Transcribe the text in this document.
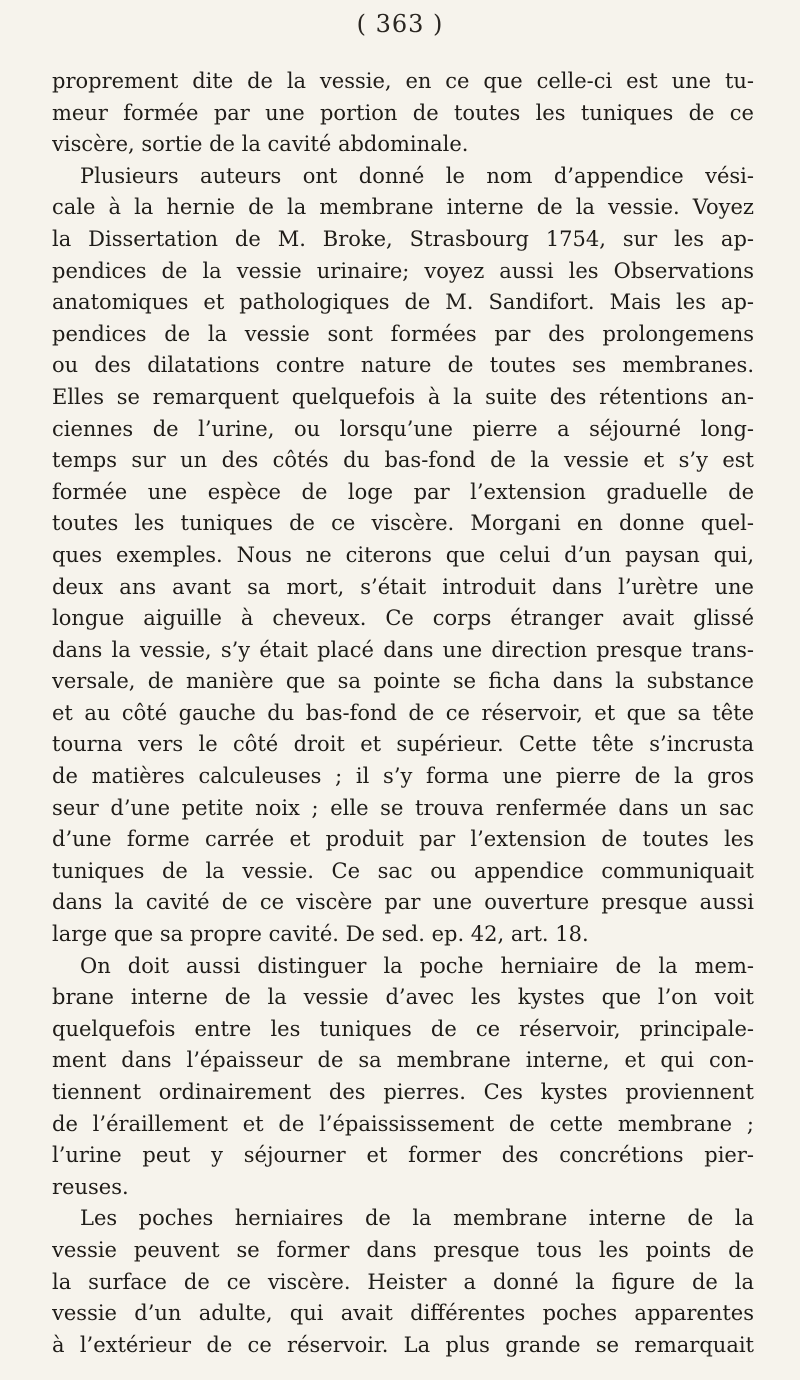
( 363 )
proprement dite de la vessie, en ce que celle-ci est une tu-
meur formée par une portion de toutes les tuniques de ce
viscère, sortie de la cavité abdominale.
Plusieurs auteurs ont donné le nom d’appendice vési-
cale à la hernie de la membrane interne de la vessie. Voyez
la Dissertation de M. Broke, Strasbourg 1754, sur les ap-
pendices de la vessie urinaire; voyez aussi les Observations
anatomiques et pathologiques de M. Sandifort. Mais les ap-
pendices de la vessie sont formées par des prolongemens
ou des dilatations contre nature de toutes ses membranes.
Elles se remarquent quelquefois à la suite des rétentions an-
ciennes de l’urine, ou lorsqu’une pierre a séjourné long-
temps sur un des côtés du bas-fond de la vessie et s’y est
formée une espèce de loge par l’extension graduelle de
toutes les tuniques de ce viscère. Morgani en donne quel-
ques exemples. Nous ne citerons que celui d’un paysan qui,
deux ans avant sa mort, s’était introduit dans l’urètre une
longue aiguille à cheveux. Ce corps étranger avait glissé
dans la vessie, s’y était placé dans une direction presque trans-
versale, de manière que sa pointe se ficha dans la substance
et au côté gauche du bas-fond de ce réservoir, et que sa tête
tourna vers le côté droit et supérieur. Cette tête s’incrusta
de matières calculeuses ; il s’y forma une pierre de la gros
seur d’une petite noix ; elle se trouva renfermée dans un sac
d’une forme carrée et produit par l’extension de toutes les
tuniques de la vessie. Ce sac ou appendice communiquait
dans la cavité de ce viscère par une ouverture presque aussi
large que sa propre cavité. De sed. ep. 42, art. 18.
On doit aussi distinguer la poche herniaire de la mem-
brane interne de la vessie d’avec les kystes que l’on voit
quelquefois entre les tuniques de ce réservoir, principale-
ment dans l’épaisseur de sa membrane interne, et qui con-
tiennent ordinairement des pierres. Ces kystes proviennent
de l’éraillement et de l’épaississement de cette membrane ;
l’urine peut y séjourner et former des concrétions pier-
reuses.
Les poches herniaires de la membrane interne de la
vessie peuvent se former dans presque tous les points de
la surface de ce viscère. Heister a donné la figure de la
vessie d’un adulte, qui avait différentes poches apparentes
à l’extérieur de ce réservoir. La plus grande se remarquait
